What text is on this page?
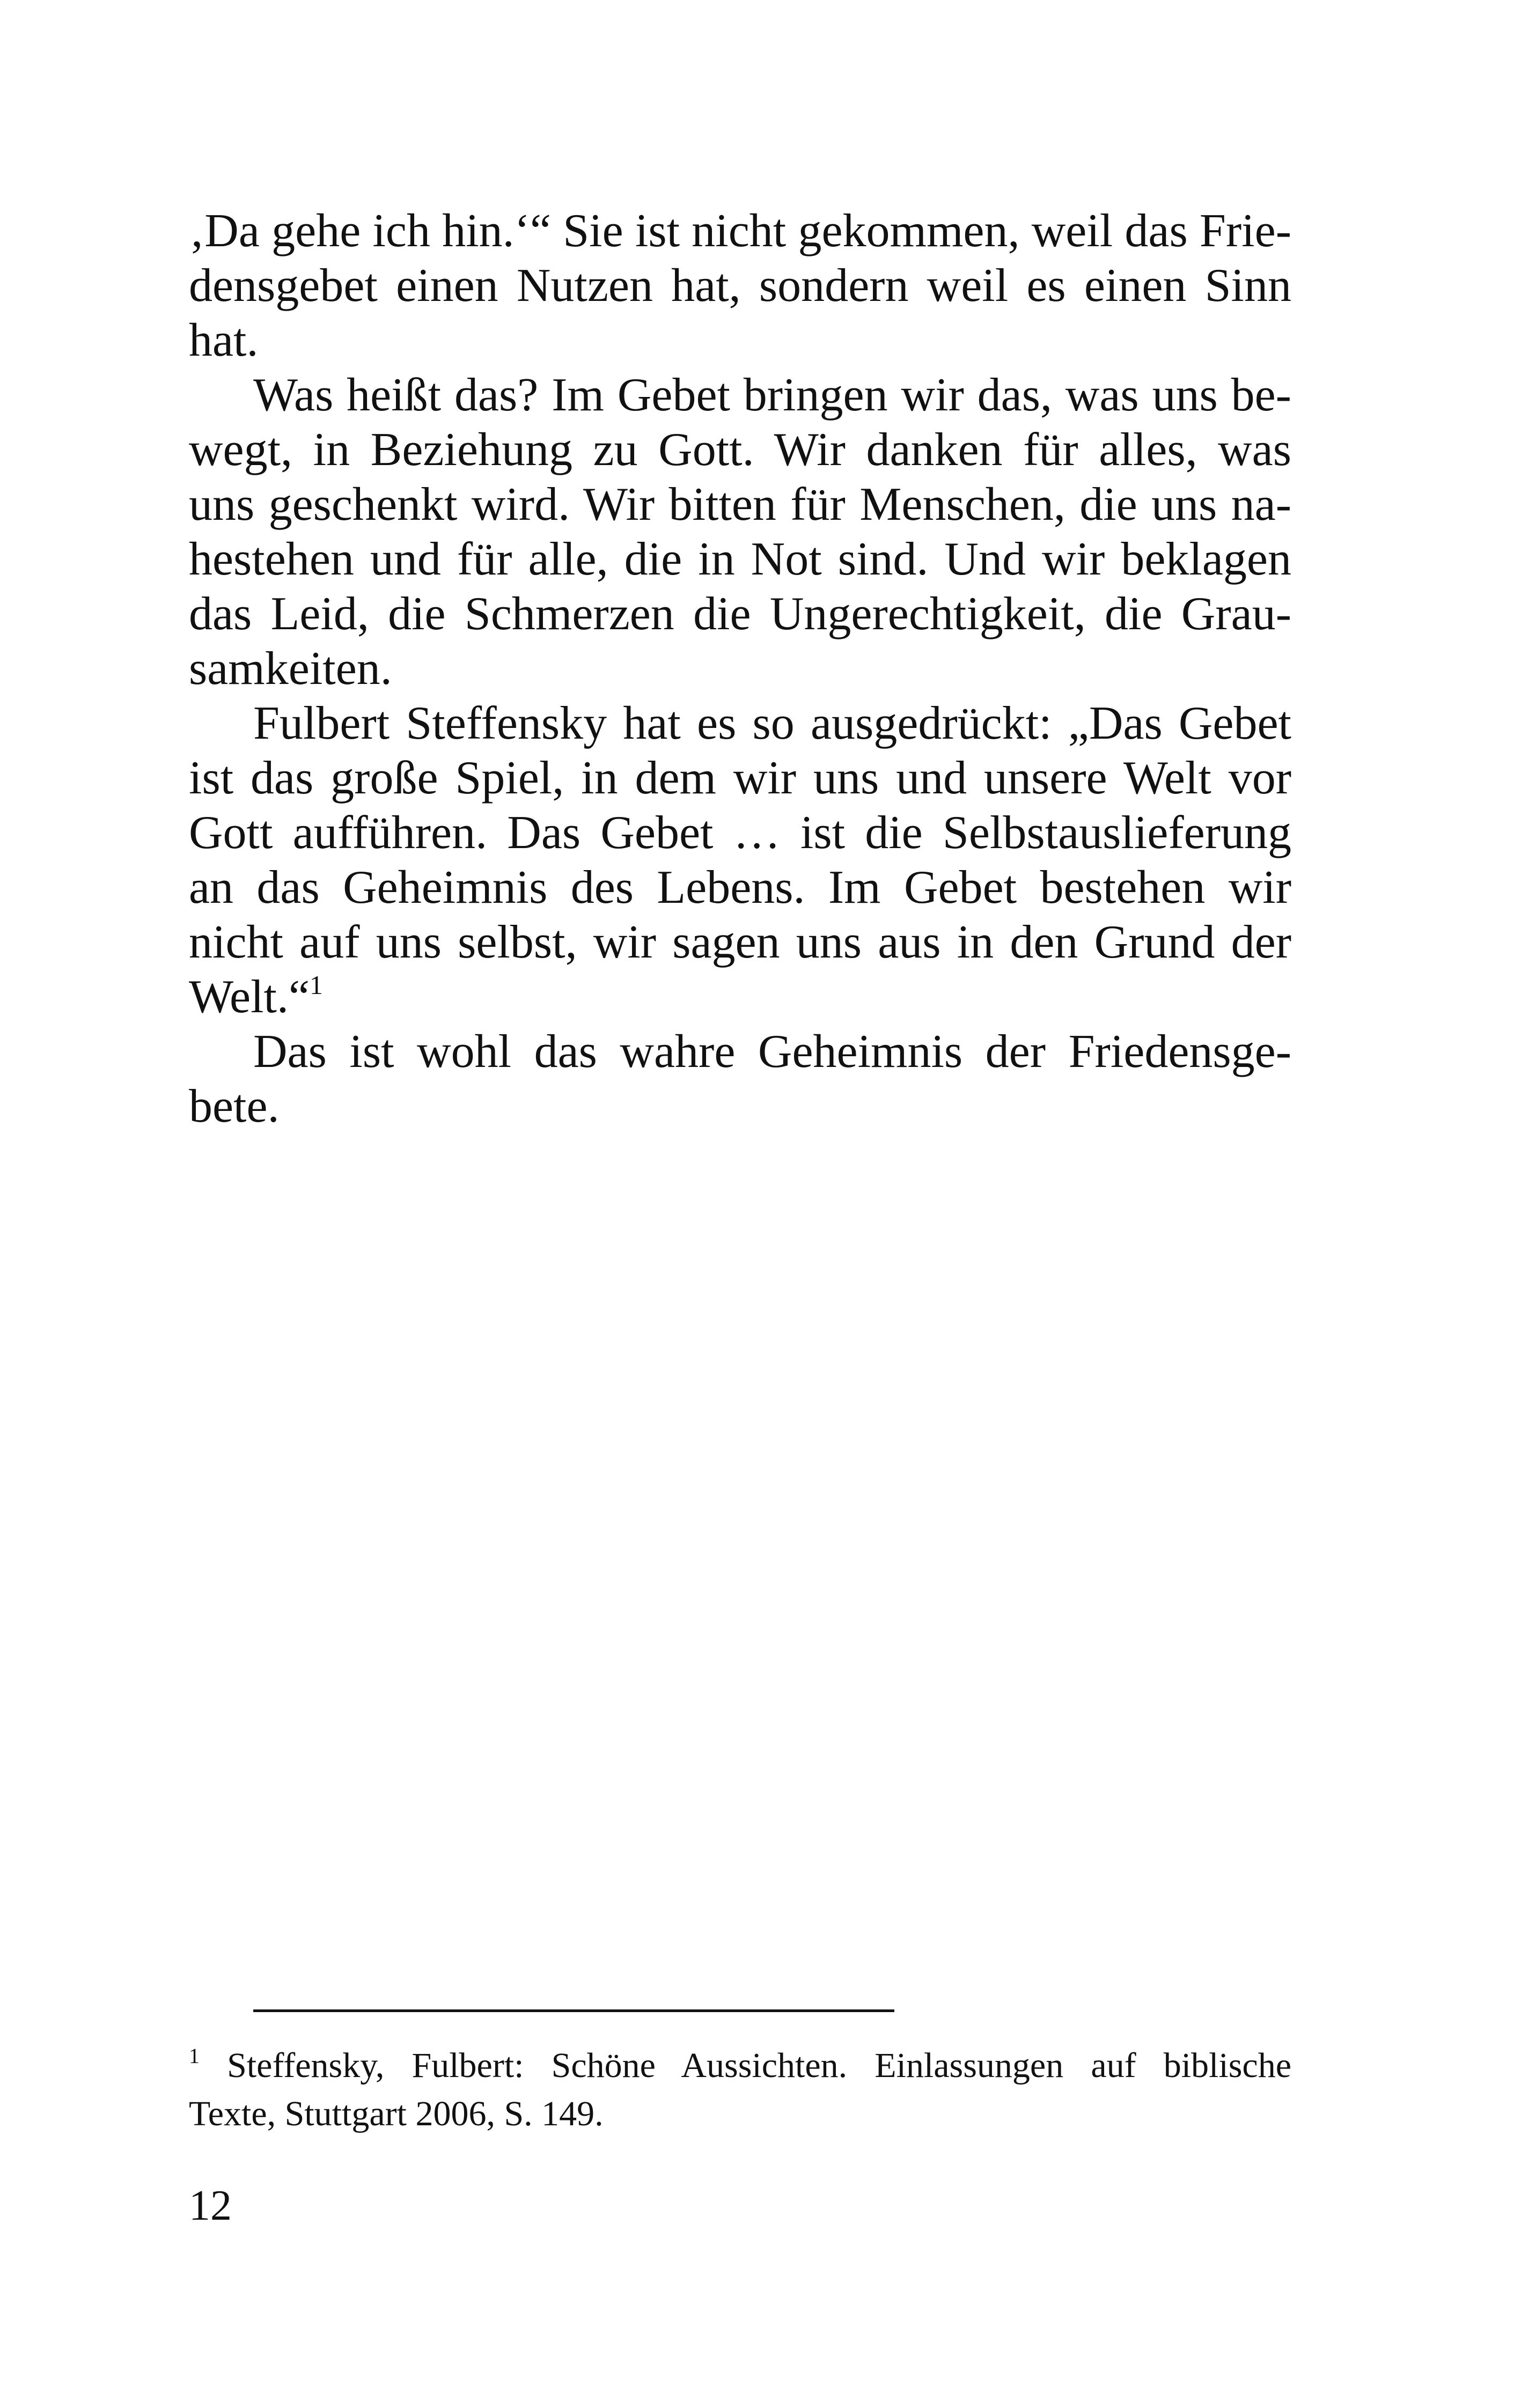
‚Da gehe ich hin.‘“ Sie ist nicht gekommen, weil das Frie-
densgebet einen Nutzen hat, sondern weil es einen Sinn
hat.
Was heißt das? Im Gebet bringen wir das, was uns be-
wegt, in Beziehung zu Gott. Wir danken für alles, was
uns geschenkt wird. Wir bitten für Menschen, die uns na-
hestehen und für alle, die in Not sind. Und wir beklagen
das Leid, die Schmerzen die Ungerechtigkeit, die Grau-
samkeiten.
Fulbert Steffensky hat es so ausgedrückt: „Das Gebet
ist das große Spiel, in dem wir uns und unsere Welt vor
Gott aufführen. Das Gebet … ist die Selbstauslieferung
an das Geheimnis des Lebens. Im Gebet bestehen wir
nicht auf uns selbst, wir sagen uns aus in den Grund der
Welt.“$^1$
Das ist wohl das wahre Geheimnis der Friedensge-
bete.
$^1$ Steffensky, Fulbert: Schöne Aussichten. Einlassungen auf biblische
Texte, Stuttgart 2006, S. 149.
12
